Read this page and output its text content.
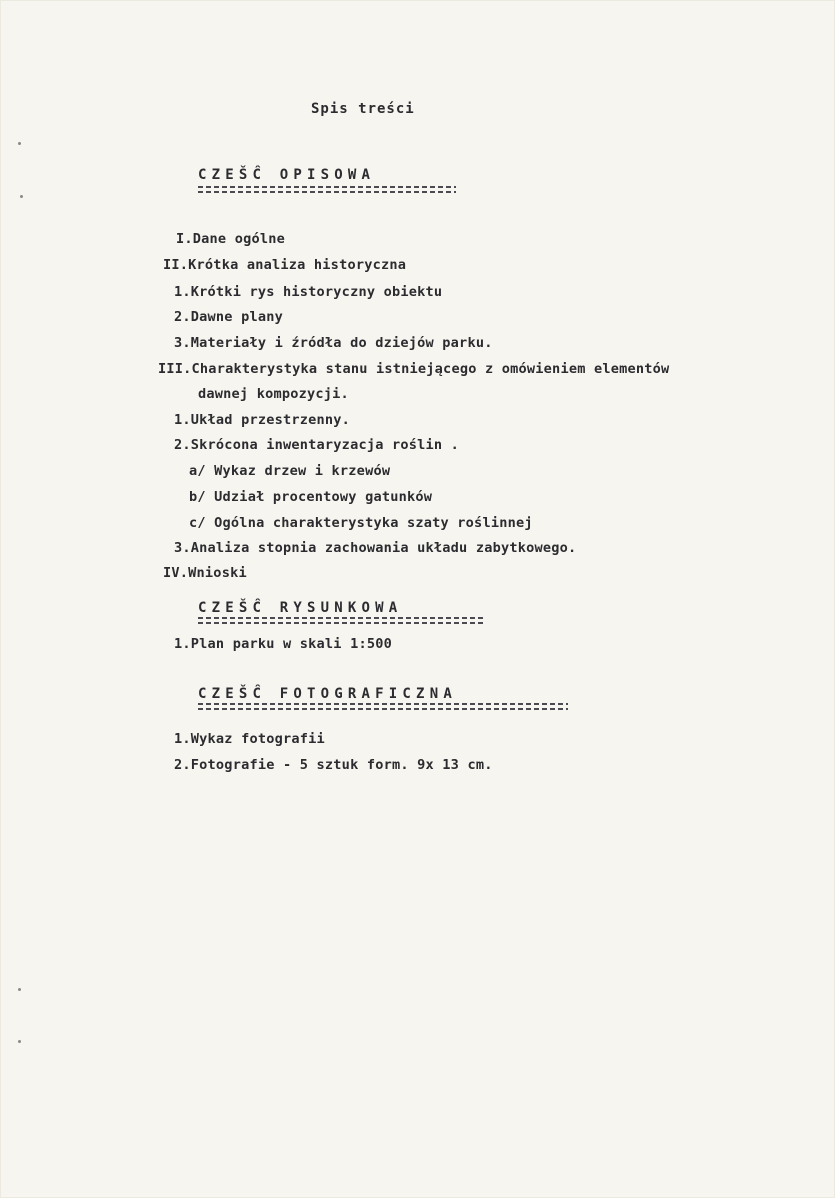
Spis treści
CZEŠĈ OPISOWA
I.Dane ogólne
II.Krótka analiza historyczna
1.Krótki rys historyczny obiektu
2.Dawne plany
3.Materiały i źródła do dziejów parku.
III.Charakterystyka stanu istniejącego z omówieniem elementów
dawnej kompozycji.
1.Układ przestrzenny.
2.Skrócona inwentaryzacja roślin .
a/ Wykaz drzew i krzewów
b/ Udział procentowy gatunków
c/ Ogólna charakterystyka szaty roślinnej
3.Analiza stopnia zachowania układu zabytkowego.
IV.Wnioski
CZEŠĈ RYSUNKOWA
1.Plan parku w skali 1:500
CZEŠĈ FOTOGRAFICZNA
1.Wykaz fotografii
2.Fotografie - 5 sztuk form. 9x 13 cm.
